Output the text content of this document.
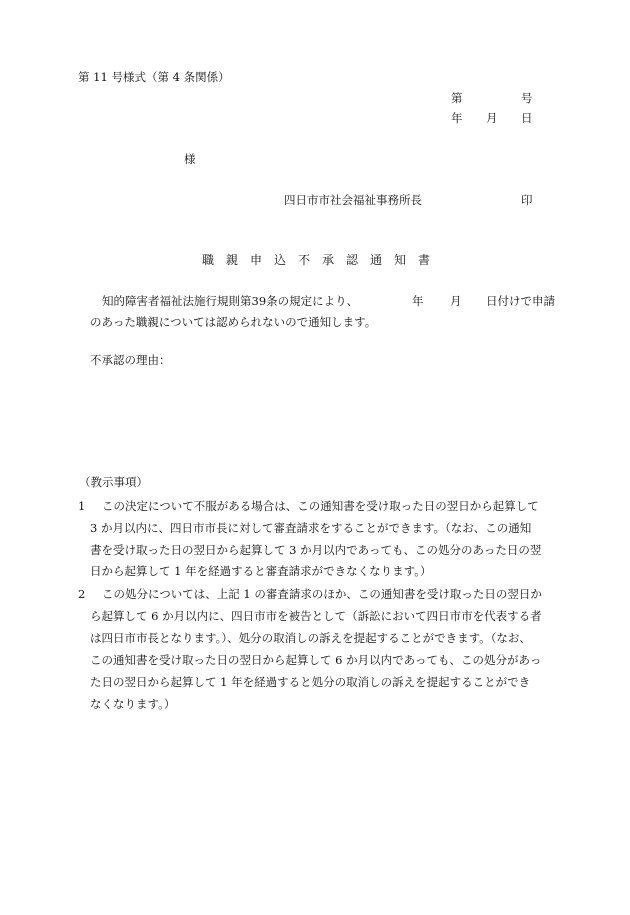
第 11 号様式（第 4 条関係）
第	号
年 月 日
様
四日市市社会福祉事務所長	印
職　親　申　込　不　承　認　通　知　書
知的障害者福祉法施行規則第39条の規定により、	年 月 日付けで申請
のあった職親については認められないので通知します。
不承認の理由：
（教示事項）
1 この決定について不服がある場合は、この通知書を受け取った日の翌日から起算して
3 か月以内に、四日市市長に対して審査請求をすることができます。（なお、この通知
書を受け取った日の翌日から起算して 3 か月以内であっても、この処分のあった日の翌
日から起算して 1 年を経過すると審査請求ができなくなります。）
2 この処分については、上記 1 の審査請求のほか、この通知書を受け取った日の翌日か
ら起算して 6 か月以内に、四日市市を被告として（訴訟において四日市市を代表する者
は四日市市長となります。）、処分の取消しの訴えを提起することができます。（なお、
この通知書を受け取った日の翌日から起算して 6 か月以内であっても、この処分があっ
た日の翌日から起算して 1 年を経過すると処分の取消しの訴えを提起することができ
なくなります。）
